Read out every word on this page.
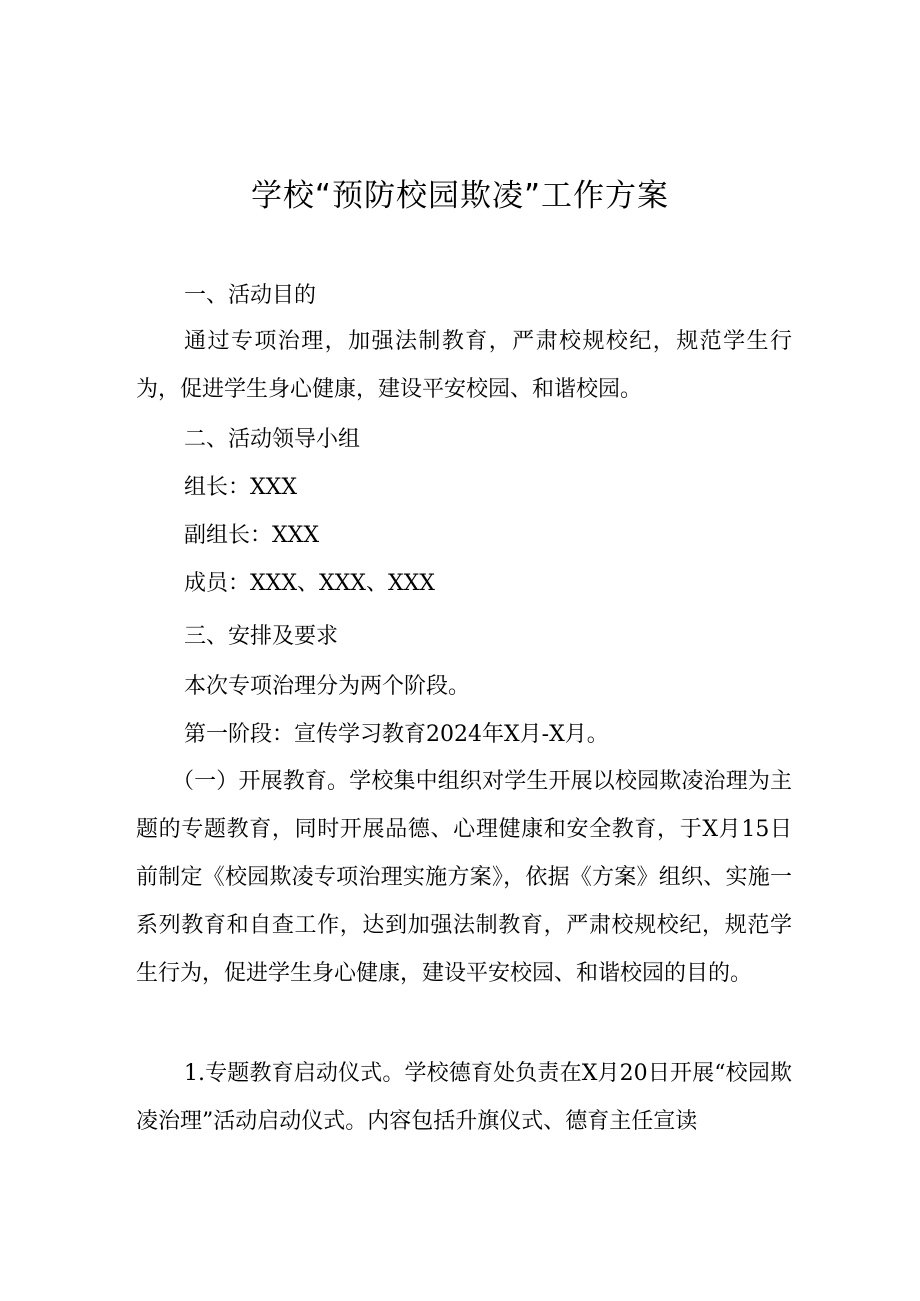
学校“预防校园欺凌”工作方案
一、活动目的
通过专项治理，加强法制教育，严肃校规校纪，规范学生行为，促进学生身心健康，建设平安校园、和谐校园。
二、活动领导小组
组长：XXX
副组长：XXX
成员：XXX、XXX、XXX
三、安排及要求
本次专项治理分为两个阶段。
第一阶段：宣传学习教育2024年X月-X月。
（一）开展教育。学校集中组织对学生开展以校园欺凌治理为主题的专题教育，同时开展品德、心理健康和安全教育，于X月15日前制定《校园欺凌专项治理实施方案》，依据《方案》组织、实施一系列教育和自查工作，达到加强法制教育，严肃校规校纪，规范学生行为，促进学生身心健康，建设平安校园、和谐校园的目的。
1.专题教育启动仪式。学校德育处负责在X月20日开展“校园欺凌治理”活动启动仪式。内容包括升旗仪式、德育主任宣读
